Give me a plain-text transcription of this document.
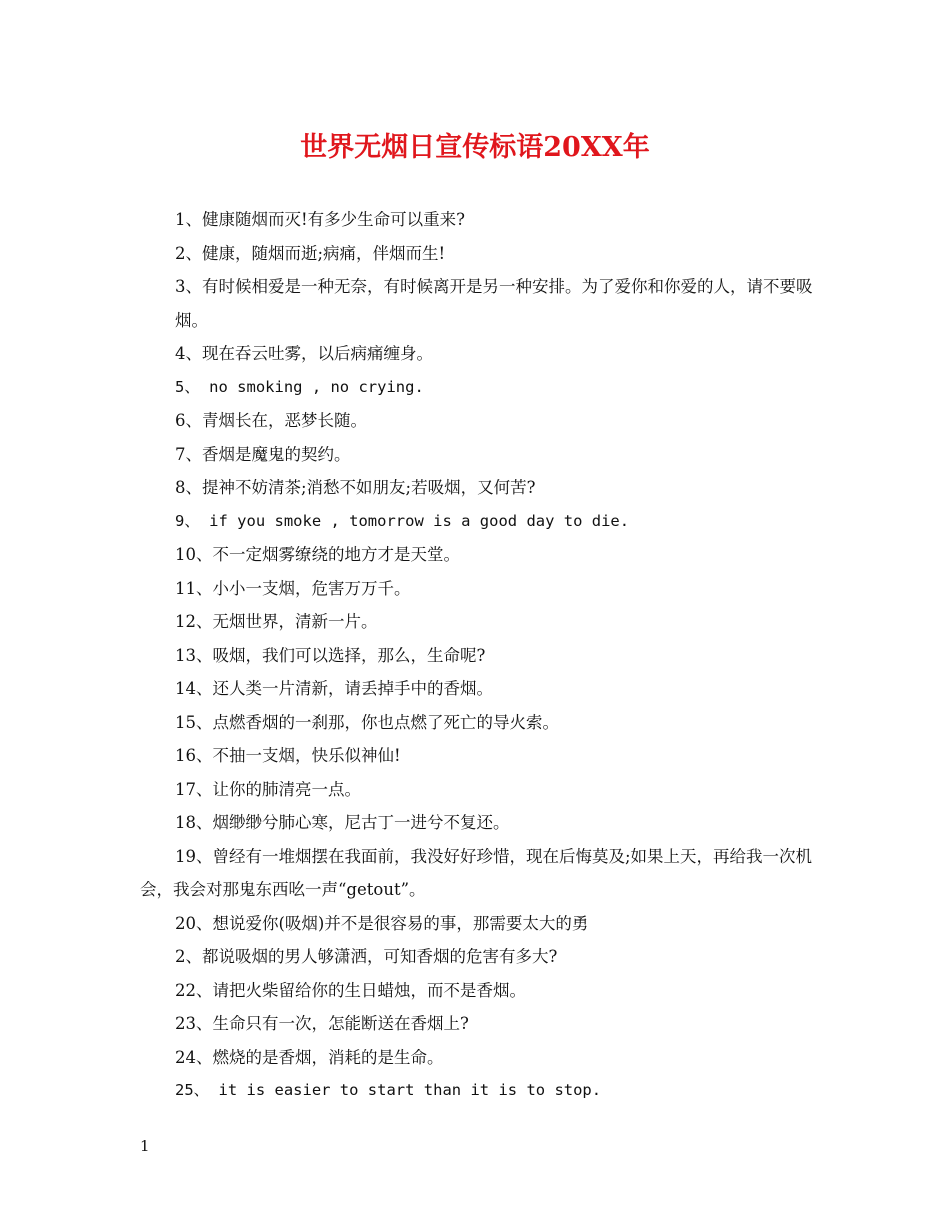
世界无烟日宣传标语20XX年
1、健康随烟而灭!有多少生命可以重来?
2、健康，随烟而逝;病痛，伴烟而生!
3、有时候相爱是一种无奈，有时候离开是另一种安排。为了爱你和你爱的人，请不要吸烟。
4、现在吞云吐雾，以后病痛缠身。
5、 no smoking , no crying.
6、青烟长在，恶梦长随。
7、香烟是魔鬼的契约。
8、提神不妨清茶;消愁不如朋友;若吸烟，又何苦?
9、 if you smoke , tomorrow is a good day to die.
10、不一定烟雾缭绕的地方才是天堂。
11、小小一支烟，危害万万千。
12、无烟世界，清新一片。
13、吸烟，我们可以选择，那么，生命呢?
14、还人类一片清新，请丢掉手中的香烟。
15、点燃香烟的一刹那，你也点燃了死亡的导火索。
16、不抽一支烟，快乐似神仙!
17、让你的肺清亮一点。
18、烟缈缈兮肺心寒，尼古丁一进兮不复还。
19、曾经有一堆烟摆在我面前，我没好好珍惜，现在后悔莫及;如果上天，再给我一次机会，我会对那鬼东西吆一声“getout”。
20、想说爱你(吸烟)并不是很容易的事，那需要太大的勇
2、都说吸烟的男人够潇洒，可知香烟的危害有多大?
22、请把火柴留给你的生日蜡烛，而不是香烟。
23、生命只有一次，怎能断送在香烟上?
24、燃烧的是香烟，消耗的是生命。
25、 it is easier to start than it is to stop.
1
